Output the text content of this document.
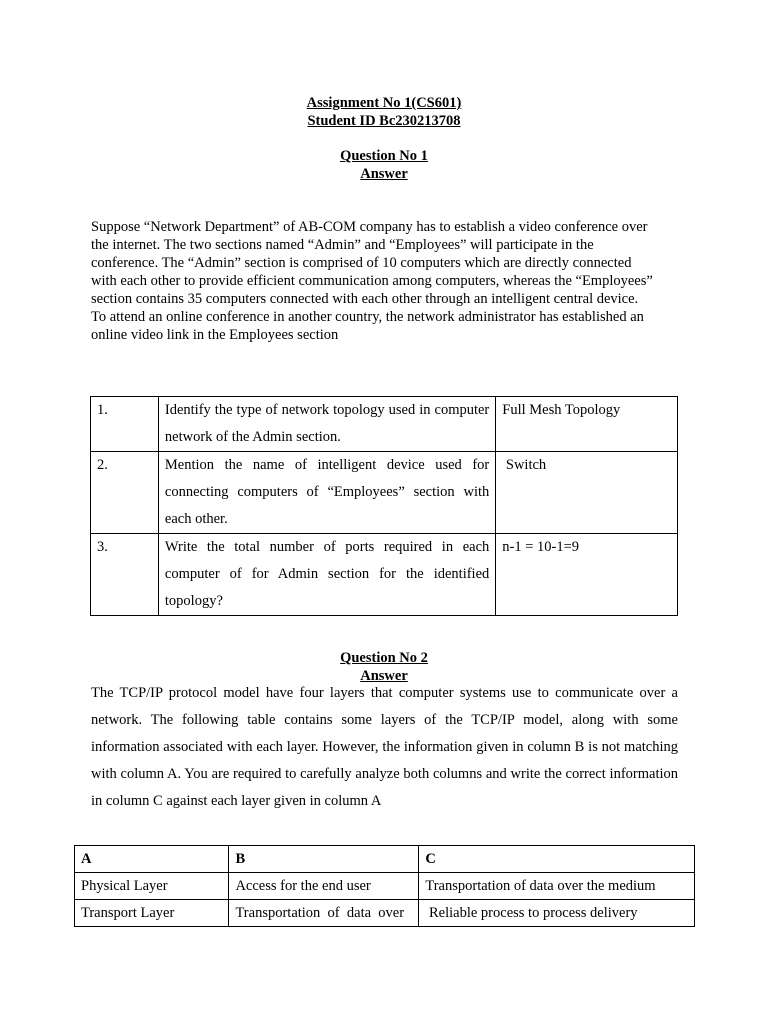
Assignment No 1(CS601)
Student ID Bc230213708
Question No 1
Answer
Suppose “Network Department” of AB-COM company has to establish a video conference over
the internet. The two sections named “Admin” and “Employees” will participate in the
conference. The “Admin” section is comprised of 10 computers which are directly connected
with each other to provide efficient communication among computers, whereas the “Employees”
section contains 35 computers connected with each other through an intelligent central device.
To attend an online conference in another country, the network administrator has established an
online video link in the Employees section
1.	Identify the type of network topology used in computer network of the Admin section.	Full Mesh Topology
2.	Mention the name of intelligent device used for connecting computers of “Employees” section with each other.	Switch
3.	Write the total number of ports required in each computer of for Admin section for the identified topology?	n-1 = 10-1=9
Question No 2
Answer

The TCP/IP protocol model have four layers that computer systems use to communicate over a network. The following table contains some layers of the TCP/IP model, along with some information associated with each layer. However, the information given in column B is not matching with column A. You are required to carefully analyze both columns and write the correct information in column C against each layer given in column A

A	B	C
Physical Layer	Access for the end user	Transportation of data over the medium
Transport Layer	Transportation  of  data  over	Reliable process to process delivery
